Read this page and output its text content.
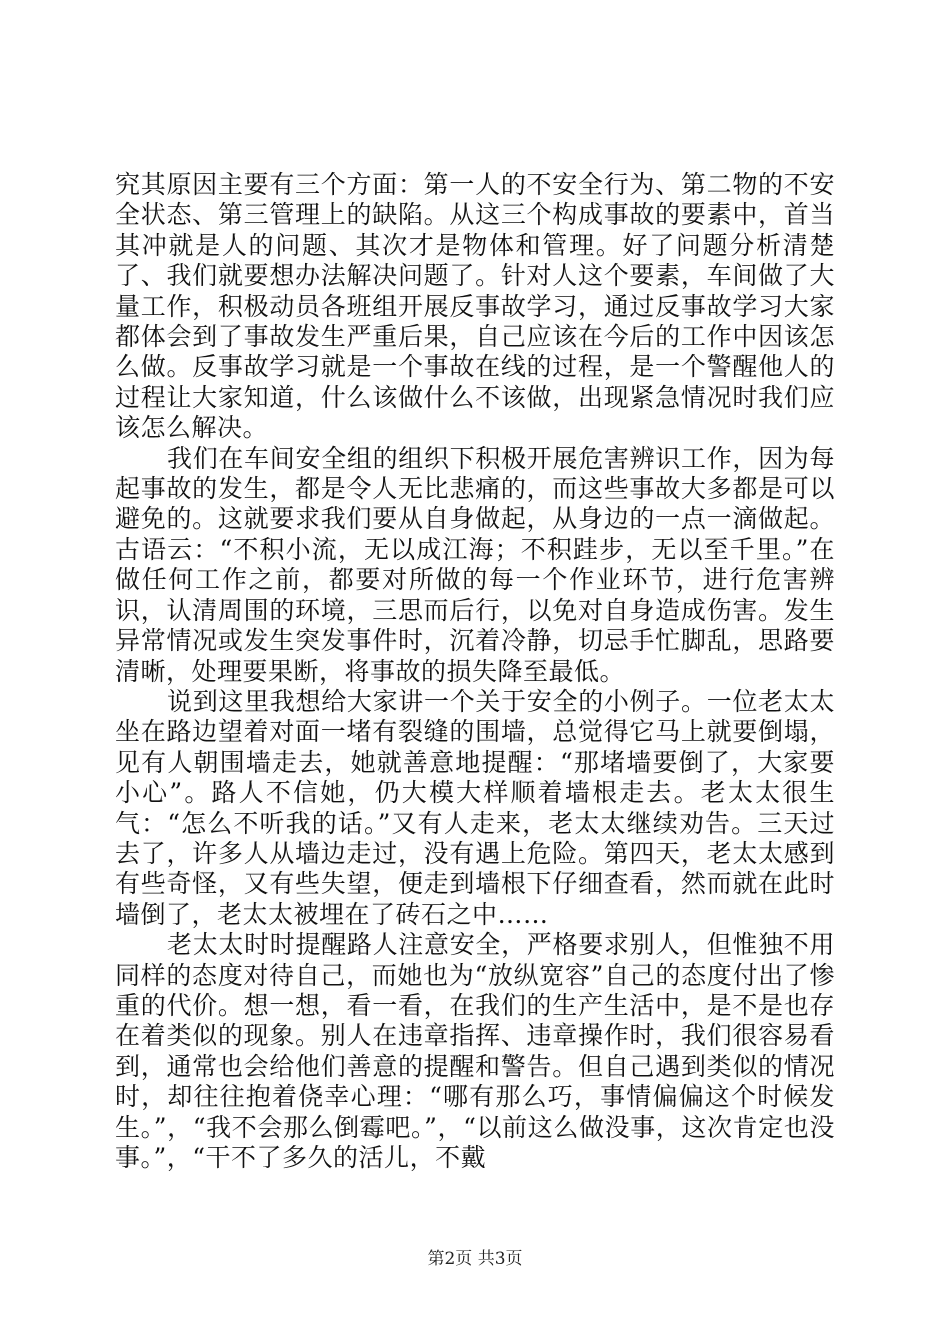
究其原因主要有三个方面：第一人的不安全行为、第二物的不安全状态、第三管理上的缺陷。从这三个构成事故的要素中，首当其冲就是人的问题、其次才是物体和管理。好了问题分析清楚了、我们就要想办法解决问题了。针对人这个要素，车间做了大量工作，积极动员各班组开展反事故学习，通过反事故学习大家都体会到了事故发生严重后果，自己应该在今后的工作中因该怎么做。反事故学习就是一个事故在线的过程，是一个警醒他人的过程让大家知道，什么该做什么不该做，出现紧急情况时我们应该怎么解决。

我们在车间安全组的组织下积极开展危害辨识工作，因为每起事故的发生，都是令人无比悲痛的，而这些事故大多都是可以避免的。这就要求我们要从自身做起，从身边的一点一滴做起。古语云：“不积小流，无以成江海；不积跬步，无以至千里。”在做任何工作之前，都要对所做的每一个作业环节，进行危害辨识，认清周围的环境，三思而后行，以免对自身造成伤害。发生异常情况或发生突发事件时，沉着冷静，切忌手忙脚乱，思路要清晰，处理要果断，将事故的损失降至最低。

说到这里我想给大家讲一个关于安全的小例子。一位老太太坐在路边望着对面一堵有裂缝的围墙，总觉得它马上就要倒塌，见有人朝围墙走去，她就善意地提醒：“那堵墙要倒了，大家要小心”。路人不信她，仍大模大样顺着墙根走去。老太太很生气：“怎么不听我的话。”又有人走来，老太太继续劝告。三天过去了，许多人从墙边走过，没有遇上危险。第四天，老太太感到有些奇怪，又有些失望，便走到墙根下仔细查看，然而就在此时墙倒了，老太太被埋在了砖石之中……

老太太时时提醒路人注意安全，严格要求别人，但惟独不用同样的态度对待自己，而她也为“放纵宽容”自己的态度付出了惨重的代价。想一想，看一看，在我们的生产生活中，是不是也存在着类似的现象。别人在违章指挥、违章操作时，我们很容易看到，通常也会给他们善意的提醒和警告。但自己遇到类似的情况时，却往往抱着侥幸心理：“哪有那么巧，事情偏偏这个时候发生。”，“我不会那么倒霉吧。”，“以前这么做没事，这次肯定也没事。”，“干不了多久的活儿，不戴

第2页 共3页
